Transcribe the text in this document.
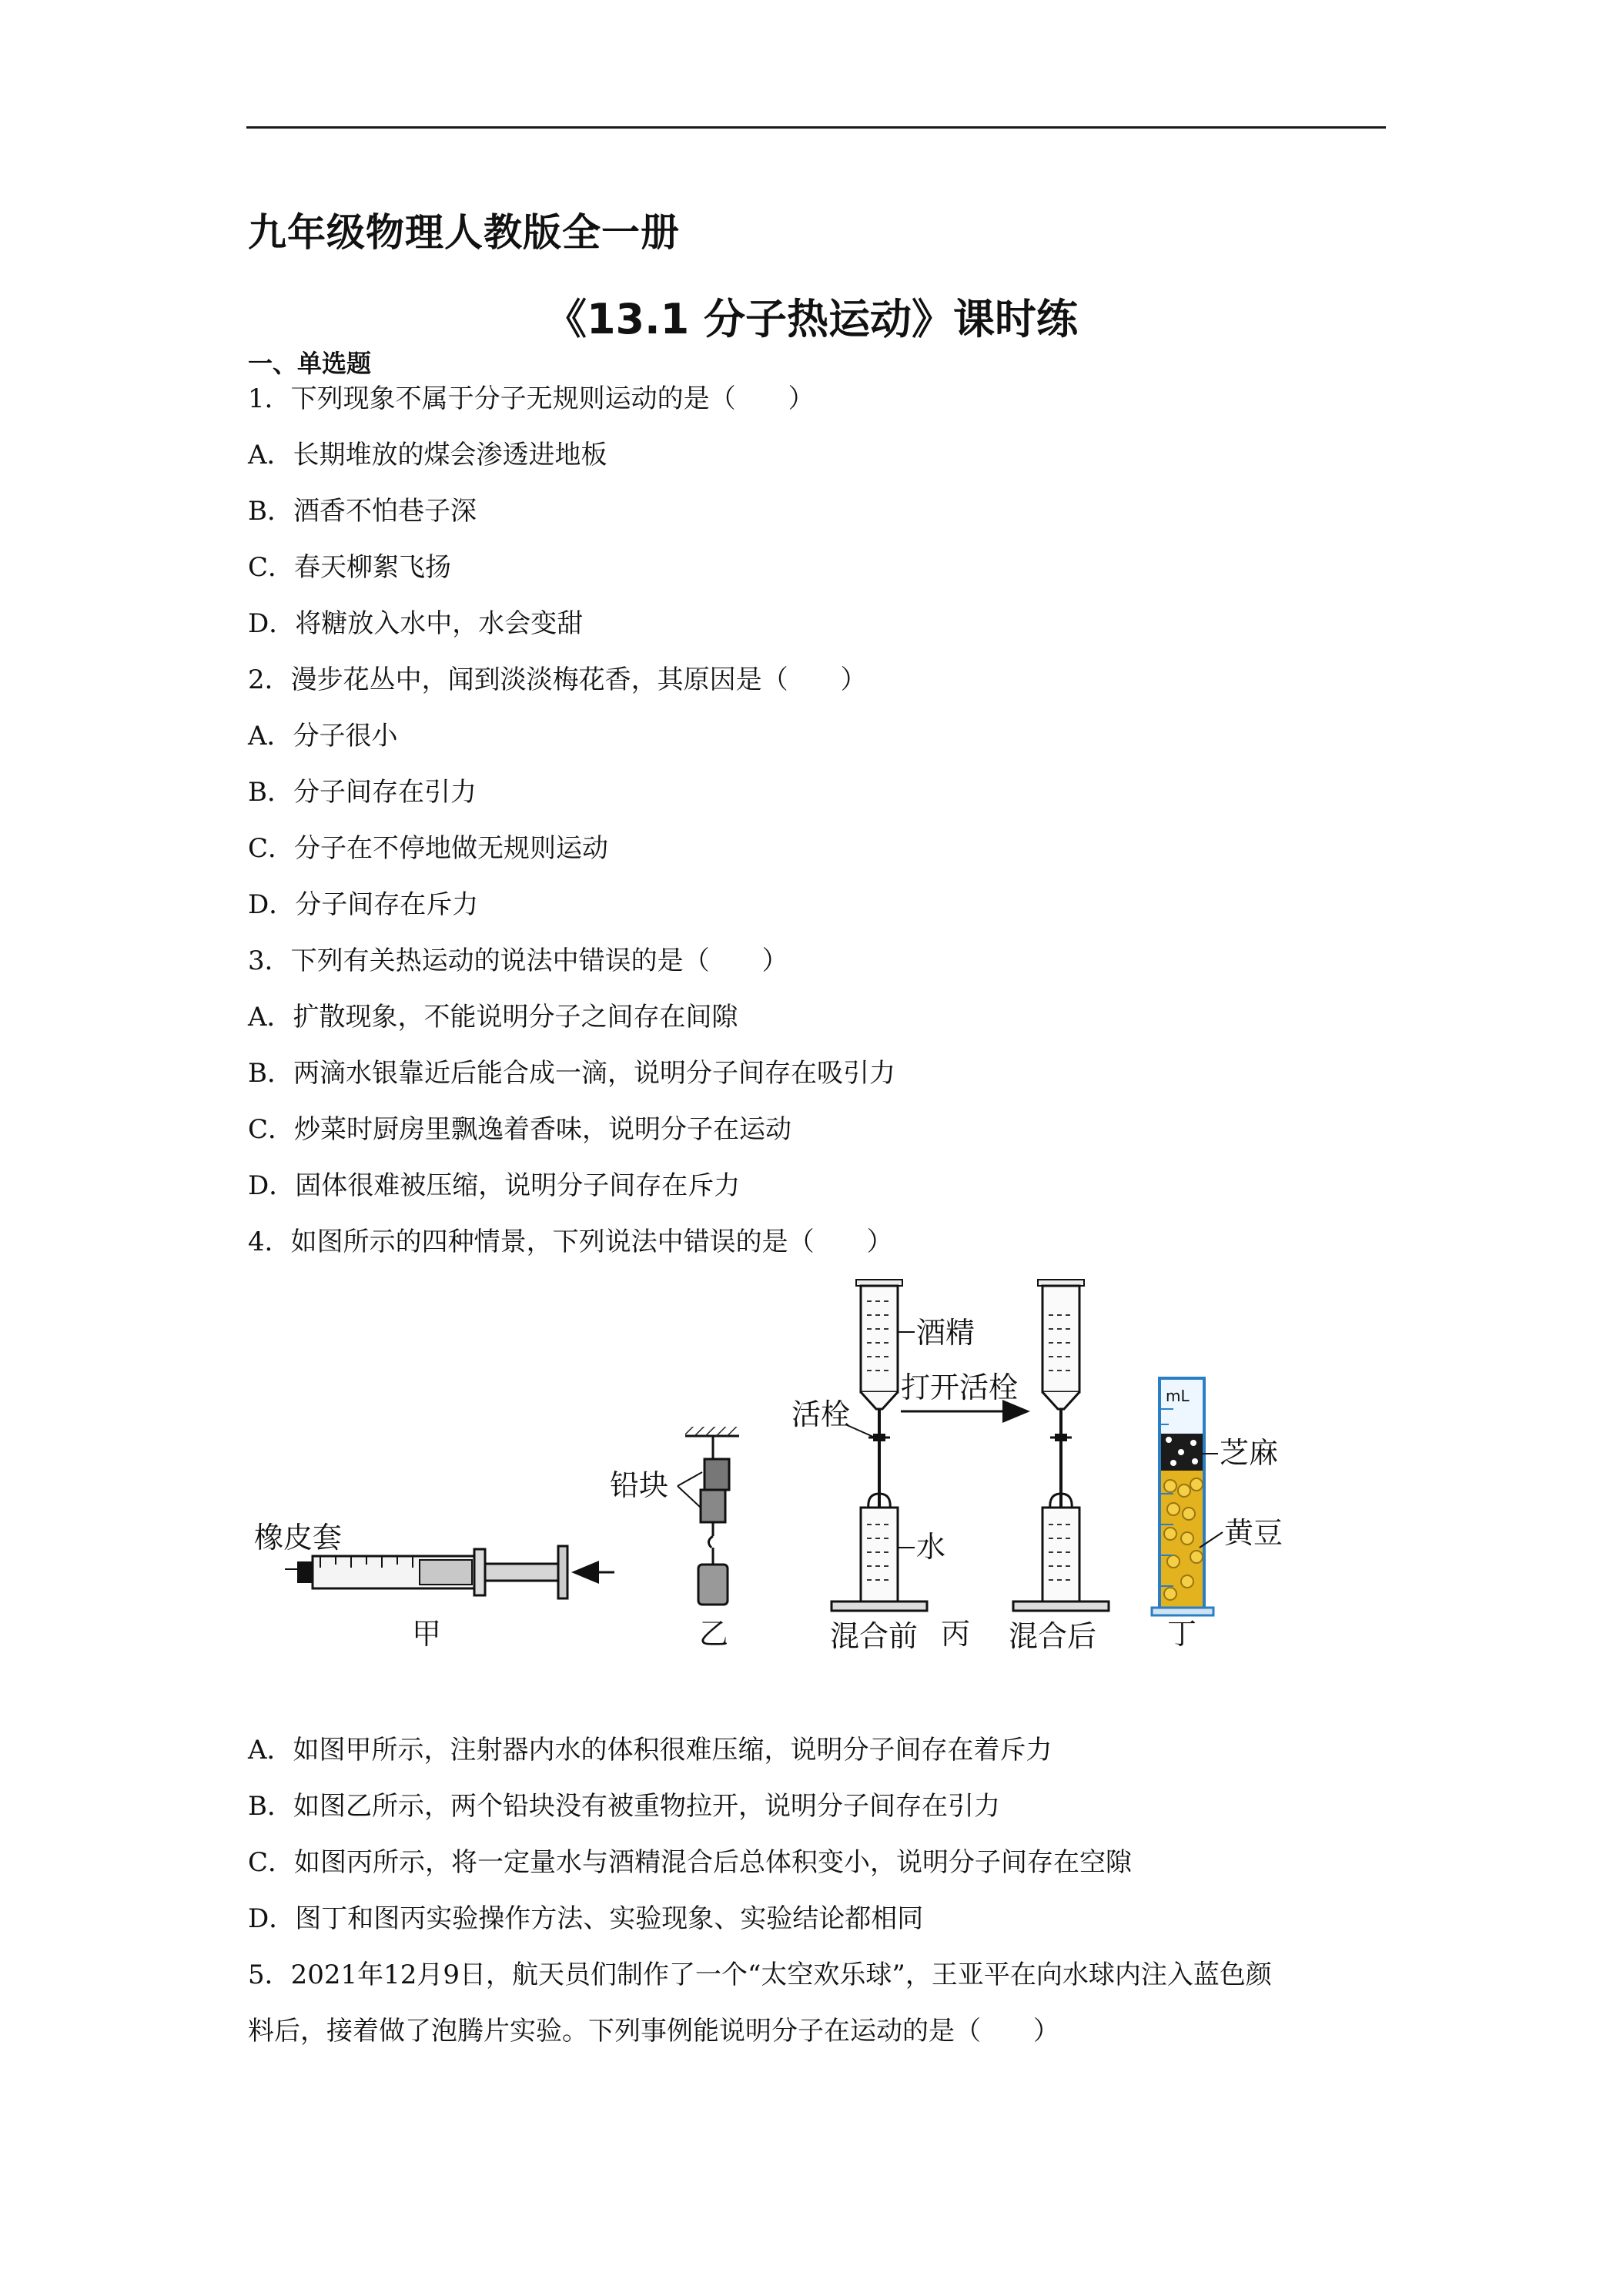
九年级物理人教版全一册
《13.1 分子热运动》课时练
一、单选题
1．下列现象不属于分子无规则运动的是（　　）
A．长期堆放的煤会渗透进地板
B．酒香不怕巷子深
C．春天柳絮飞扬
D．将糖放入水中，水会变甜
2．漫步花丛中，闻到淡淡梅花香，其原因是（　　）
A．分子很小
B．分子间存在引力
C．分子在不停地做无规则运动
D．分子间存在斥力
3．下列有关热运动的说法中错误的是（　　）
A．扩散现象，不能说明分子之间存在间隙
B．两滴水银靠近后能合成一滴，说明分子间存在吸引力
C．炒菜时厨房里飘逸着香味，说明分子在运动
D．固体很难被压缩，说明分子间存在斥力
4．如图所示的四种情景，下列说法中错误的是（　　）
橡皮套
甲
铅块
乙
酒精
活栓
水
混合前
打开活栓
混合后
丙
mL
芝麻
黄豆
丁
A．如图甲所示，注射器内水的体积很难压缩，说明分子间存在着斥力
B．如图乙所示，两个铅块没有被重物拉开，说明分子间存在引力
C．如图丙所示，将一定量水与酒精混合后总体积变小，说明分子间存在空隙
D．图丁和图丙实验操作方法、实验现象、实验结论都相同
5．2021年12月9日，航天员们制作了一个“太空欢乐球”，王亚平在向水球内注入蓝色颜
料后，接着做了泡腾片实验。下列事例能说明分子在运动的是（　　）
